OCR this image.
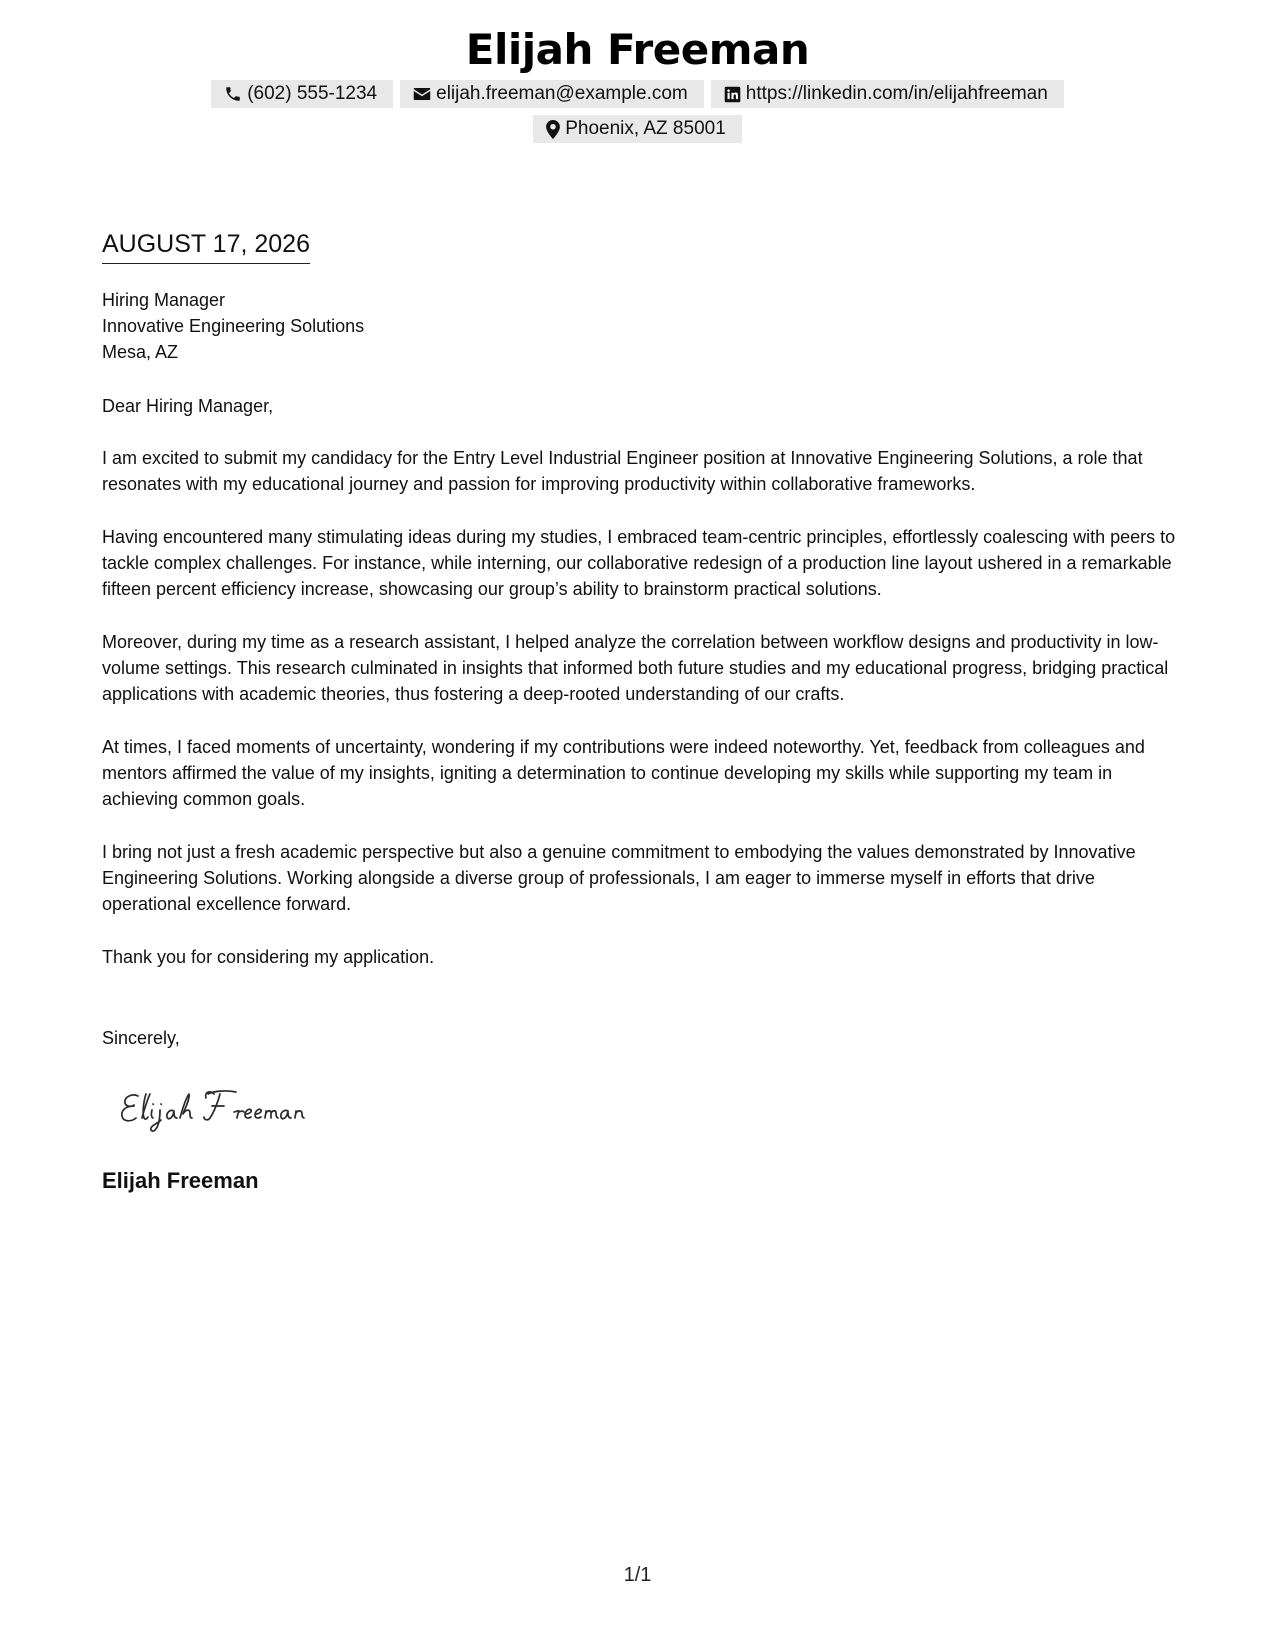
Elijah Freeman
(602) 555-1234	elijah.freeman@example.com	https://linkedin.com/in/elijahfreeman
Phoenix, AZ 85001
AUGUST 17, 2026
Hiring Manager
Innovative Engineering Solutions
Mesa, AZ

Dear Hiring Manager,

I am excited to submit my candidacy for the Entry Level Industrial Engineer position at Innovative Engineering Solutions, a role that resonates with my educational journey and passion for improving productivity within collaborative frameworks.

Having encountered many stimulating ideas during my studies, I embraced team-centric principles, effortlessly coalescing with peers to tackle complex challenges. For instance, while interning, our collaborative redesign of a production line layout ushered in a remarkable fifteen percent efficiency increase, showcasing our group’s ability to brainstorm practical solutions.

Moreover, during my time as a research assistant, I helped analyze the correlation between workflow designs and productivity in low-volume settings. This research culminated in insights that informed both future studies and my educational progress, bridging practical applications with academic theories, thus fostering a deep-rooted understanding of our crafts.

At times, I faced moments of uncertainty, wondering if my contributions were indeed noteworthy. Yet, feedback from colleagues and mentors affirmed the value of my insights, igniting a determination to continue developing my skills while supporting my team in achieving common goals.

I bring not just a fresh academic perspective but also a genuine commitment to embodying the values demonstrated by Innovative Engineering Solutions. Working alongside a diverse group of professionals, I am eager to immerse myself in efforts that drive operational excellence forward.

Thank you for considering my application.

Sincerely,
Elijah Freeman
1/1
